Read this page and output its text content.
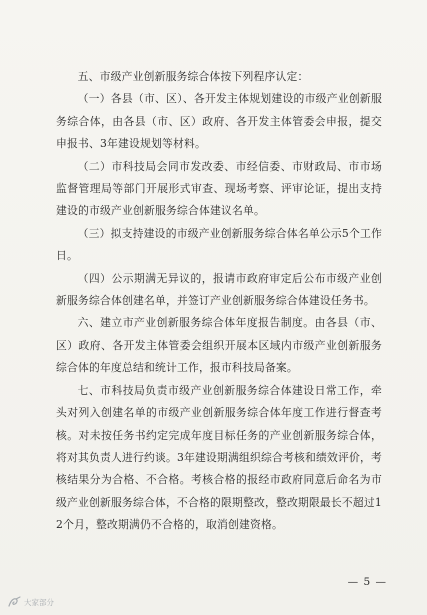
五、市级产业创新服务综合体按下列程序认定：

（一）各县（市、区）、各开发主体规划建设的市级产业创新服务综合体，由各县（市、区）政府、各开发主体管委会申报，提交申报书、3年建设规划等材料。

（二）市科技局会同市发改委、市经信委、市财政局、市市场监督管理局等部门开展形式审查、现场考察、评审论证，提出支持建设的市级产业创新服务综合体建议名单。

（三）拟支持建设的市级产业创新服务综合体名单公示5个工作日。

（四）公示期满无异议的，报请市政府审定后公布市级产业创新服务综合体创建名单，并签订产业创新服务综合体建设任务书。

六、建立市产业创新服务综合体年度报告制度。由各县（市、区）政府、各开发主体管委会组织开展本区域内市级产业创新服务综合体的年度总结和统计工作，报市科技局备案。

七、市科技局负责市级产业创新服务综合体建设日常工作，牵头对列入创建名单的市级产业创新服务综合体年度工作进行督查考核。对未按任务书约定完成年度目标任务的产业创新服务综合体，将对其负责人进行约谈。3年建设期满组织综合考核和绩效评价，考核结果分为合格、不合格。考核合格的报经市政府同意后命名为市级产业创新服务综合体，不合格的限期整改，整改期限最长不超过12个月，整改期满仍不合格的，取消创建资格。

— 5 —
大家部分
